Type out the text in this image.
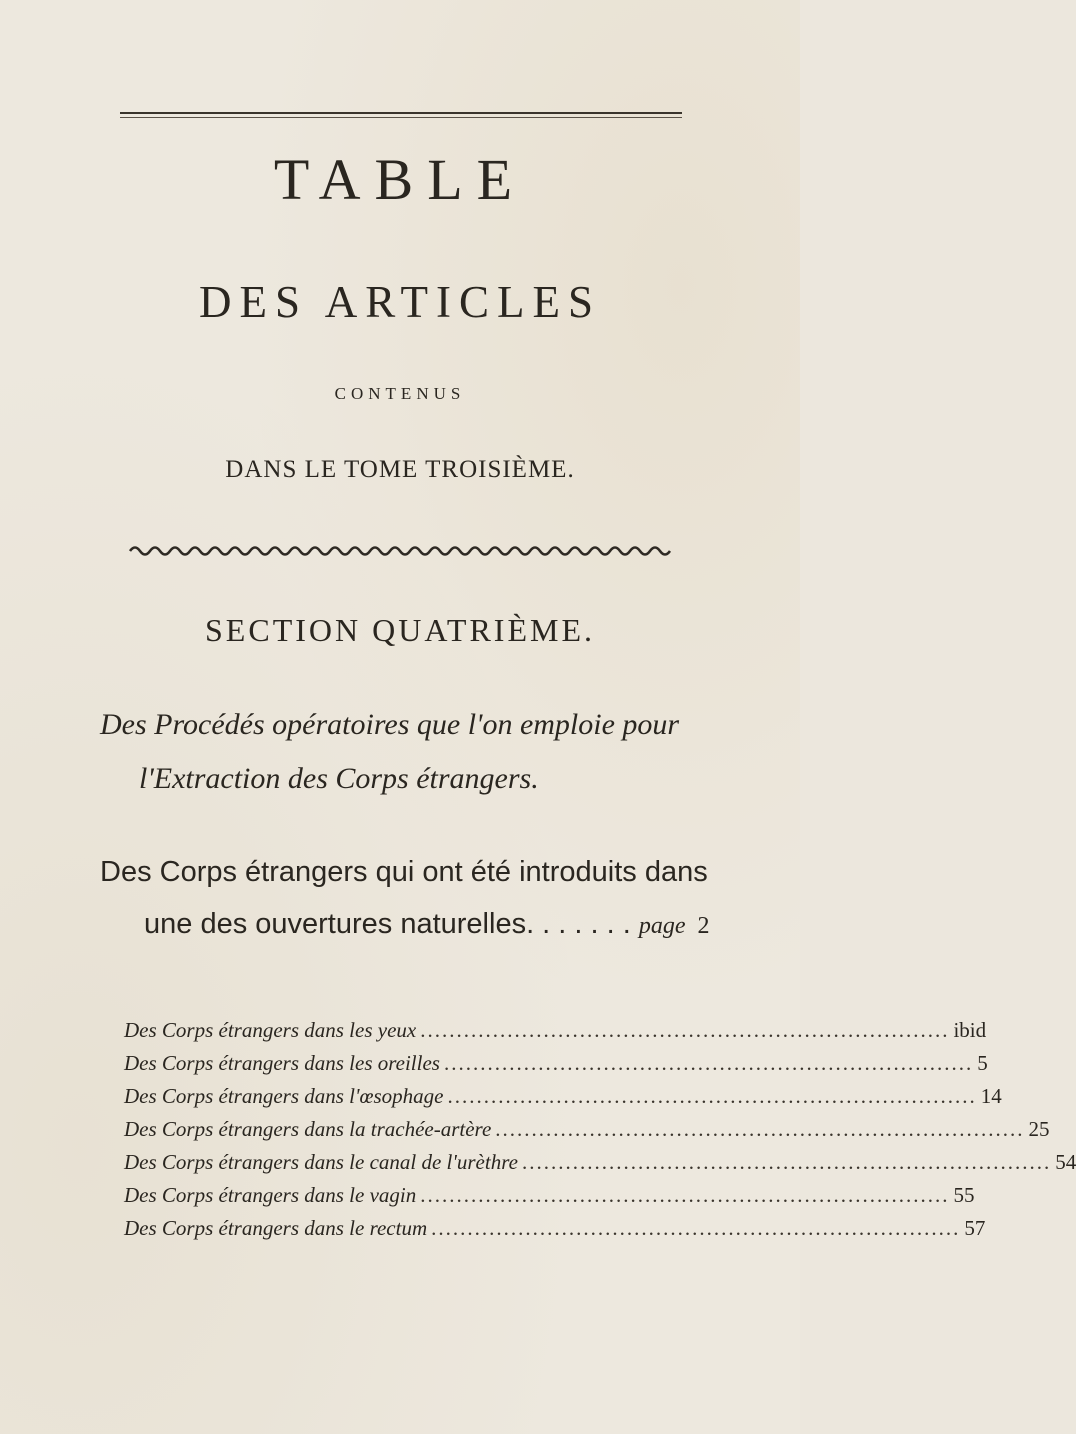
TABLE
DES ARTICLES
CONTENUS
DANS LE TOME TROISIÈME.
SECTION QUATRIÈME.
Des Procédés opératoires que l'on emploie pour
l'Extraction des Corps étrangers.
Des Corps étrangers qui ont été introduits dans
une des ouvertures naturelles. . . . . . . page 2
Des Corps étrangers dans les yeux ......................................................................... ibid
Des Corps étrangers dans les oreilles ......................................................................... 5
Des Corps étrangers dans l'œsophage ......................................................................... 14
Des Corps étrangers dans la trachée-artère ......................................................................... 25
Des Corps étrangers dans le canal de l'urèthre ......................................................................... 54
Des Corps étrangers dans le vagin ......................................................................... 55
Des Corps étrangers dans le rectum ......................................................................... 57
